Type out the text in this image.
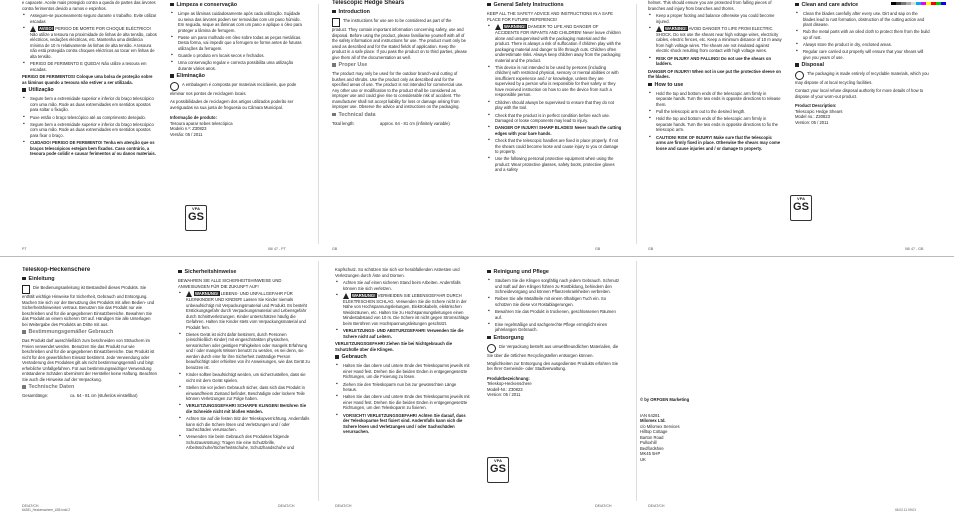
e capacete. Aceite mais protegido contra a queda de partes das árvores contra ferimentos devido a ramos e espinhos.

▪ Assegure-se puxoneamento seguro durante o trabalho. Evite utilizar escadas
▪ AVISO! PERIGO DE MORTE POR CHOQUE ELÉCTRICO! Não utilize a tesoura na proximidade de linhas de alta tensão, cabos eléctricos, vedações eléctricas, etc. Mantenha uma distância mínima de 10 m relativamente às linhas de alta tensão. A tesoura não está protegida contra choques eléctricos ao tocar em linhas de alta tensão.
▪ PERIGO DE FERIMENTO E QUEDA! Não utilize a tesoura em escadas.

PERIGO DE FERIMENTOS! Coloque uma bolsa de proteção sobre as lâminas quando a tesoura não estiver a ser utilizada.

Utilização
▪ Segure bem a extremidade superior e inferior do braço telescópico com uma mão. Rode as duas extremidades em sentidos opostos para soltar o fixação.
▪ Puxe então o braço telescópico até ao comprimento desejado.
▪ Segure bem a extremidade superior e inferior do braço telescópico com uma mão. Rode as duas extremidades em sentidos opostos para fixar o braço.
▪ CUIDADO! PERIGO DE FERIMENTO! Tenha em atenção que os braços telescópicos estejam bem fixados. Caso contrário, a tesoura pode colidir e causar ferimentos a/ ou danos materiais.
PT
Limpeza e conservação
▪ Limpe as lâminas cuidadosamente após cada utilização. Sujidade ou seiva das árvores podem ser removidas com um pano húmido. Em seguida, seque as lâminas com um pano e aplique o óleo para proteger a lâmina de ferrugem.
▪ Passe um pano molhado em óleo sobre todas as peças metálicas. Desta forma, vai impedir que a ferrugem se forme antes de futuras utilizações da ferragem.
▪ Guarde o produto em locais secos e fechados.
▪ Uma conservação regular e correcta possibilita uma utilização durante vários anos.
Eliminação

A embalagem é composta por materiais recicláveis, que pode eliminar nos pontos de reciclagem locais.

As possibilidades de reciclagem dos artigos utilizados poderão ser averiguadas na sua junta de freguesia ou Câmara Municipal.

Informação de produto:

Tesoura aparar sebes telescópica
Modelo n.º: Z30823
Versão: 05 / 2011
VPA
GS
08/ 47 - PT
Telescopic Hedge Shears
Introduction

The instructions for use are to be considered as part of the product. They contain important information concerning safety, use and disposal. Before using the product, please familiarise yourself with all of the safety information and instructions for use. The product must only be used as described and for the stated fields of application. Keep the product in a safe place. If you pass the product on to third parties, please give them all of the documentation as well.

Proper Use

The product may only be used for the outdoor branch-and cutting of bushes and shrubs. Use the product only as described and for the specified areas of use. The product is not intended for commercial use. Any other use or modification to the product shall be considered as improper use and could give rise to considerable risk of accident. The manufacturer shall not accept liability for loss or damage arising from improper use. Observe the advice and instructions on the packaging.

Technical data
Total length:	approx. 64 - 81 cm (infinitely variable)
GB
General Safety Instructions

KEEP ALL THE SAFETY ADVICE AND INSTRUCTIONS IN A SAFE PLACE FOR FUTURE REFERENCE!

▪ WARNING! DANGER TO LIFE AND DANGER OF ACCIDENTS FOR INFANTS AND CHILDREN! Never leave children alone and unsupervised with the packaging material and the product. There is always a risk of suffocation if children play with the packaging material and danger to life through cuts. Children often underestimate risks. Always keep children away from the packaging material and the product.
▪ This device is not intended to be used by persons (including children) with restricted physical, sensory or mental abilities or with insufficient experience and / or knowledge, unless they are supervised by a person who is responsible for their safety or they have received instruction on how to use the device from such a responsible person.
▪ Children should always be supervised to ensure that they do not play with the tool.
▪ Check that the product is in perfect condition before each use. Damaged or loose components may lead to injury.
▪ DANGER OF INJURY! SHARP BLADES! Never touch the cutting edges with your bare hands.
▪ Check that the telescopic handles are fixed in place properly. If not the shears could become loose and cause injury to you or damage to property.
▪ Use the following personal protective equipment when using the product: Wear protective glasses, safety boots, protective gloves and a safety
GB

helmet. This should ensure you are protected from falling pieces of branches and injury from branches and thorns.

▪ Keep a proper footing and balance otherwise you could become injured.
▪ WARNING! AVOID DANGER TO LIFE FROM ELECTRIC SHOCK. Do not use the shears near high voltage wires, electricity cables, electric fences, etc. Keep a minimum distance of 10 m away from high voltage wires. The shears are not insulated against electric shock resulting from contact with high voltage wires.
▪ RISK OF INJURY AND FALLING! Do not use the shears on ladders.

DANGER OF INJURY! When not in use put the protective sleeve on the blades.

How to use
▪ Hold the top and bottom ends of the telescopic arm firmly in separate hands. Turn the two ends in opposite directions to release them.
▪ Pull the telescopic arm out to the desired length.
▪ Hold the top and bottom ends of the telescopic arm firmly in separate hands. Turn the two ends in opposite directions to fix the telescopic arm.
▪ CAUTION! RISK OF INJURY! Make sure that the telescopic arms are firmly fixed in place. Otherwise the shears may come loose and cause injuries and / or damage to property.
GB
Clean and care advice
▪ Clean the blades carefully after every use. Dirt and sap on the blades lead to rust formation, obstruction of the cutting action and plant disease.
▪ Rub the metal parts with an oiled cloth to protect them from the build up of rust.
▪ Always store the product in dry, enclosed areas.
▪ Regular care carried out properly will ensure that your shears will give you years of use.
Disposal

The packaging is made entirely of recyclable materials, which you may dispose of at local recycling facilities.

Contact your local refuse disposal authority for more details of how to dispose of your worn-out product.

Product Description:

Telescopic Hedge Shears
Model no.: Z30823
Version: 05 / 2011
VPA
GS
08/ 47 - GB
Teleskop-Heckenschere
Einleitung

Die Bedienungsanleitung ist Bestandteil dieses Produkts. Sie enthält wichtige Hinweise für Sicherheit, Gebrauch und Entsorgung. Machen Sie sich vor der Benutzung des Produkts mit allen Bedien- und Sicherheitshinweisen vertraut. Benutzen Sie das Produkt nur wie beschrieben und für die angegebenen Einsatzbereiche. Bewahren Sie das Produkt an einem sicheren Ort auf. Händigen Sie alle Unterlagen bei Weitergabe des Produkts an Dritte mit aus.

Bestimmungsgemäßer Gebrauch

Das Produkt darf ausschließlich zum beschneiden von Sträuchern im Freien verwendet werden. Benutzen Sie das Produkt nur wie beschrieben und für die angegebenen Einsatzbereiche. Das Produkt ist nicht für den gewerblichen Einsatz bestimmt. Jede Verwendung oder Veränderung des Produktes gilt als nicht bestimmungsgemäß und birgt erhebliche Unfallgefahren. Für aus bestimmungswidriger Verwendung entstandene Schäden übernimmt der Hersteller keine Haftung. Beachten Sie auch die Hinweise auf der Verpackung.

Technische Daten
Gesamtlänge:	ca. 64 - 81 cm (stufenlos einstellbar)
Sicherheitshinweise

BEWAHREN SIE ALLE SICHERHEITSHINWEISE UND ANWEISUNGEN FÜR DIE ZUKUNFT AUF!

▪ WARNUNG! LEBENS- UND UNFALLGEFAHR FÜR KLEINKINDER UND KINDER! Lassen Sie Kinder niemals unbeaufsichtigt mit Verpackungsmaterial und Produkt. Es besteht Erstickungsgefahr durch Verpackungsmaterial und Lebensgefahr durch Schnittverletzungen. Kinder unterschätzen häufig die Gefahren. Halten Sie Kinder stets vom Verpackungsmaterial und Produkt fern.
▪ Dieses Gerät ist nicht dafür bestimmt, durch Personen (einschließlich Kinder) mit eingeschränkten physischen, sensorischen oder geistigen Fähigkeiten oder mangels Erfahrung und / oder mangels Wissen benutzt zu werden, es sei denn, sie werden durch eine für ihre Sicherheit zuständige Person beaufsichtigt oder erhielten von ihr Anweisungen, wie das Gerät zu benutzen ist.
▪ Kinder sollten beaufsichtigt werden, um sicherzustellen, dass sie nicht mit dem Gerät spielen.
▪ Stellen Sie vor jedem Gebrauch sicher, dass sich das Produkt in einwandfreiem Zustand befindet. Beschädigte oder lockere Teile können Verletzungen zur Folge haben.
▪ VERLETZUNGSGEFAHR! SCHARFE KLINGEN! Berühren Sie die Schneide nicht mit bloßen Händen.
▪ Achten Sie auf die festen Sitz der Teleskopverrichtung. Andernfalls kann sich die Schere lösen und Verletzungen und / oder Sachschäden verursachen.
▪ Verwenden Sie beim Gebrauch des Produktes folgende Schutzausrüstung: Tragen Sie eine Schutzbrille, Arbeitsschuhe/Sicherheitsschuhe, Schutzhandschuhe und

Kopfschutz. So schützen Sie sich vor herabfallenden Astresten und Verletzungen durch Äste und Dornen.

▪ Achten Sie auf einen sicheren Stand beim Arbeiten. Andernfalls können Sie sich verletzen.
▪ WARNUNG! VERMEIDEN SIE LEBENSGEFAHR DURCH ELEKTRISCHEN SCHLAG. Verwenden Sie die Schere nicht in der Nähe von Hochspannungsleitungen, Elektrokabeln, elektrischen Weidezäunen, etc. Halten Sie zu Hochspannungsleitungen einen Mindestabstand von 10 m. Die Schere ist nicht gegen Stromschläge beim Berühren von Hochspannungsleitungen geschützt.
▪ VERLETZUNGS- UND ABSTURZGEFAHR! Verwenden Sie die Schere nicht auf Leitern.

VERLETZUNGSGEFAHR! Ziehen Sie bei Nichtgebrauch die Schutzhülle über die Klingen.

Gebrauch
▪ Halten Sie das obere und untere Ende des Teleskoparms jeweils mit einer Hand fest. Drehen Sie die beiden Enden in entgegengesetzte Richtungen, um die Fixierung zu lösen.
▪ Ziehen Sie den Teleskoparm nun bis zur gewünschten Länge heraus.
▪ Halten Sie das obere und untere Ende des Teleskoparms jeweils mit einer Hand fest. Drehen Sie die beiden Enden in entgegengesetzte Richtungen, um den Teleskoparm zu fixieren.
▪ VORSICHT! VERLETZUNGSGEFAHR! Achten Sie darauf, dass der Teleskoparme fest fixiert sind. Andernfalls kann sich die Schere lösen und Verletzungen und / oder Sachschäden verursachen.
Reinigung und Pflege
▪ Säubern Sie die Klingen sorgfältig nach jedem Gebrauch. Schmutz und Saft auf den Klingen führen zu Rostbildung, behindern den Schneidevorgang und können Pflanzenkrankheiten verbreiten.
▪ Reiben Sie alle Metallteile mit einem ölhaltigen Tuch ein. So schützen Sie diese vor Rostablagerungen.
▪ Bewahren Sie das Produkt in trockenen, geschlossenen Räumen auf.
▪ Eine regelmäßige und sachgerechte Pflege ermöglicht einen jahrelangen Gebrauch.
Entsorgung

Die Verpackung besteht aus umweltfreundlichen Materialien, die Sie über die örtlichen Recyclingstellen entsorgen können.

Möglichkeiten zur Entsorgung des ausgedienten Produkts erfahren Sie bei Ihrer Gemeinde- oder Stadtverwaltung.

Produktbezeichnung:

Teleskop-Heckenschere
Modell-Nr.: Z30823
Version: 05 / 2011
VPA
GS
© by ORFGEN Marketing
IAN 64281
Milomex Ltd.
c/o Milomex Services
Hilltop Cottage
Barton Road
Pulloxhill
Bedfordshire
MK45 5HP
UK
DE/AT/CH	DE/AT/CH	DE/AT/CH	DE/AT/CH	DE/AT/CH
64281_Heckenschere_LB5.indd 2	06.02.11 09:01
